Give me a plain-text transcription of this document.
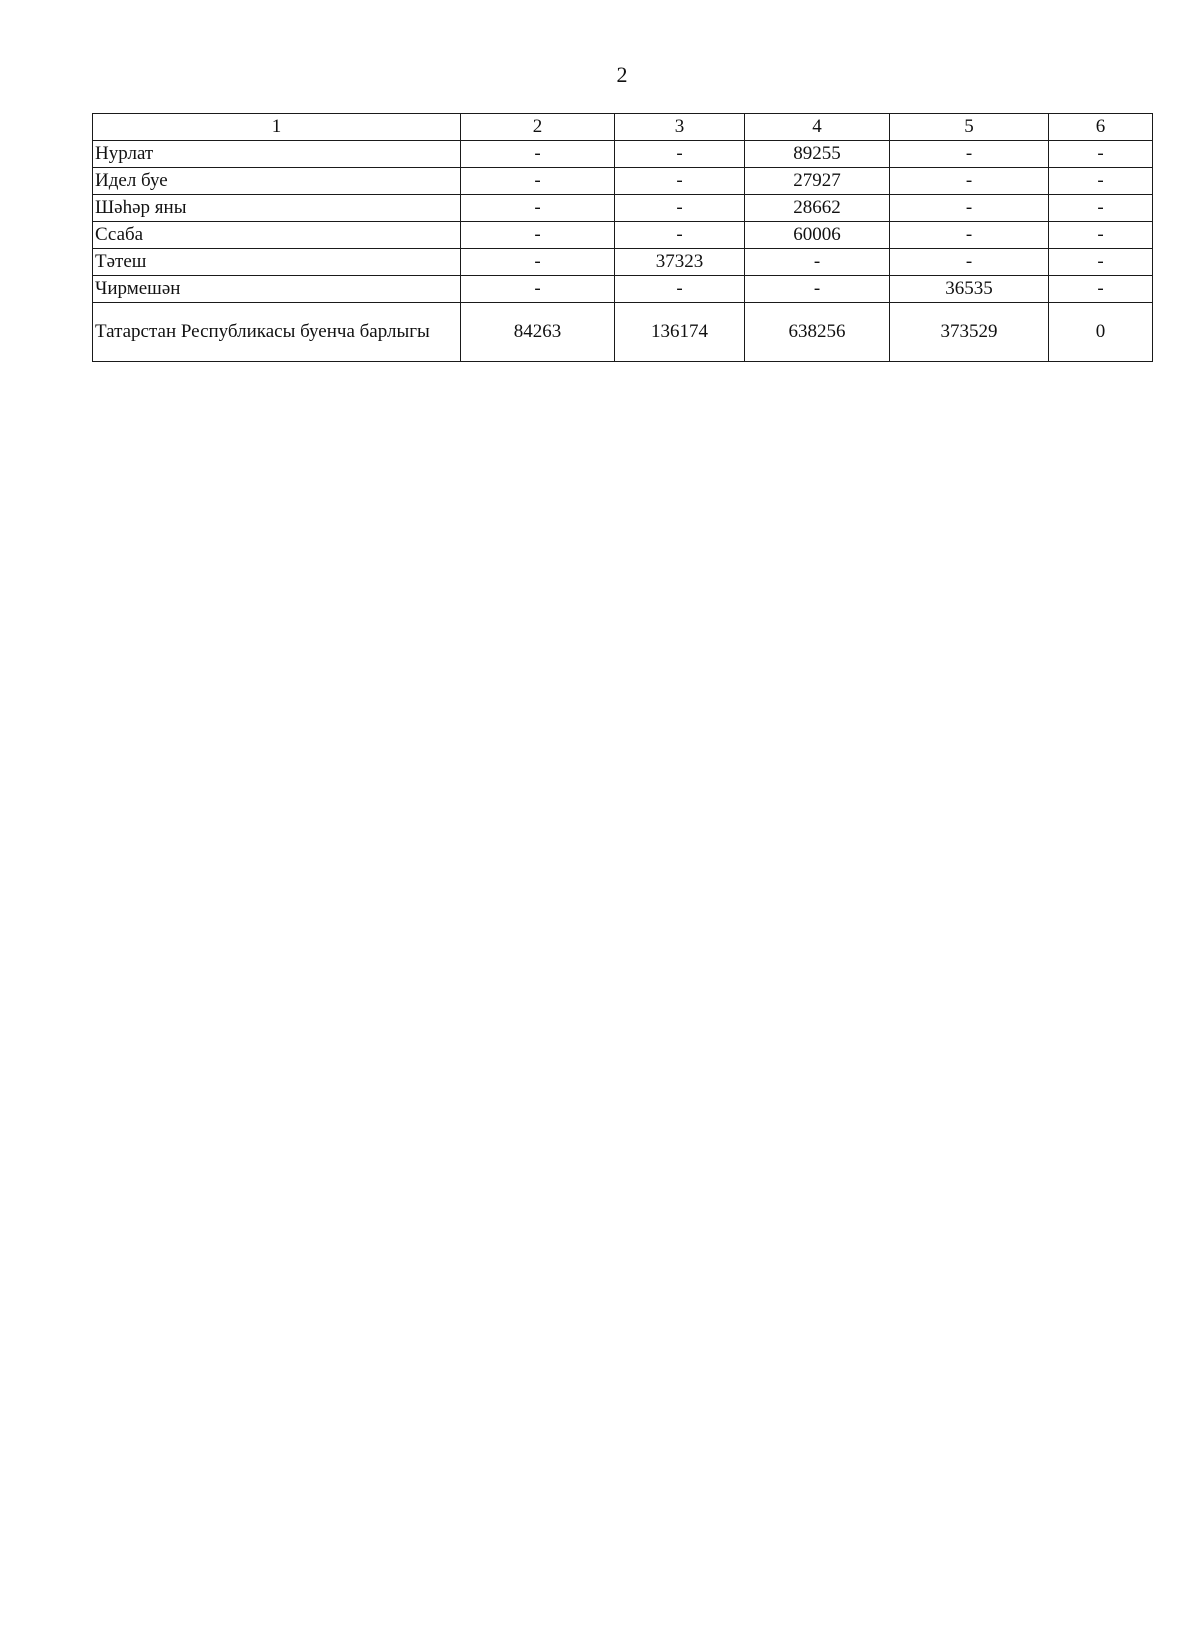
2
1	2	3	4	5	6
Нурлат	-	-	89255	-	-
Идел буе	-	-	27927	-	-
Шәһәр яны	-	-	28662	-	-
Ссаба	-	-	60006	-	-
Тәтеш	-	37323	-	-	-
Чирмешән	-	-	-	36535	-
Татарстан Республикасы буенча барлыгы	84263	136174	638256	373529	0
